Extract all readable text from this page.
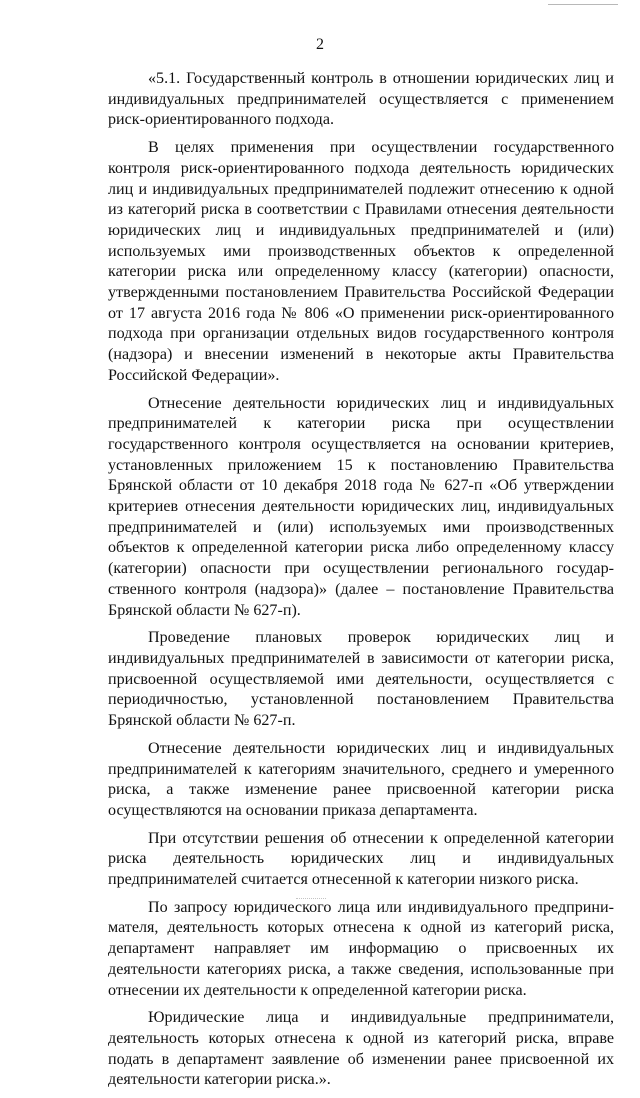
2

«5.1. Государственный контроль в отношении юридических лиц и индивидуальных предпринимателей осуществляется с применением риск-ориентированного подхода.

В целях применения при осуществлении государственного контроля риск-ориентированного подхода деятельность юридических лиц и индивидуальных предпринимателей подлежит отнесению к одной из категорий риска в соответствии с Правилами отнесения деятельности юридических лиц и индивидуальных предпринимателей и (или) используемых ими производственных объектов к определенной категории риска или определенному классу (категории) опасности, утвержденными постановлением Правительства Российской Федерации от 17 августа 2016 года № 806 «О применении риск-ориентированного подхода при организации отдельных видов государственного контроля (надзора) и внесении изменений в некоторые акты Правительства Российской Федерации».

Отнесение деятельности юридических лиц и индивидуальных предпринимателей к категории риска при осуществлении государственного контроля осуществляется на основании критериев, установленных приложением 15 к постановлению Правительства Брянской области от 10 декабря 2018 года № 627-п «Об утверждении критериев отнесения деятельности юридических лиц, индивидуальных предпринимателей и (или) используемых ими производственных объектов к определенной категории риска либо определенному классу (категории) опасности при осуществлении регионального государственного контроля (надзора)» (далее – постановление Правительства Брянской области № 627-п).

Проведение плановых проверок юридических лиц и индивидуальных предпринимателей в зависимости от категории риска, присвоенной осуществляемой ими деятельности, осуществляется с периодичностью, установленной постановлением Правительства Брянской области № 627-п.

Отнесение деятельности юридических лиц и индивидуальных предпринимателей к категориям значительного, среднего и умеренного риска, а также изменение ранее присвоенной категории риска осуществляются на основании приказа департамента.

При отсутствии решения об отнесении к определенной категории риска деятельность юридических лиц и индивидуальных предпринимателей считается отнесенной к категории низкого риска.

По запросу юридического лица или индивидуального предпринимателя, деятельность которых отнесена к одной из категорий риска, департамент направляет им информацию о присвоенных их деятельности категориях риска, а также сведения, использованные при отнесении их деятельности к определенной категории риска.

Юридические лица и индивидуальные предприниматели, деятельность которых отнесена к одной из категорий риска, вправе подать в департамент заявление об изменении ранее присвоенной их деятельности категории риска.».
